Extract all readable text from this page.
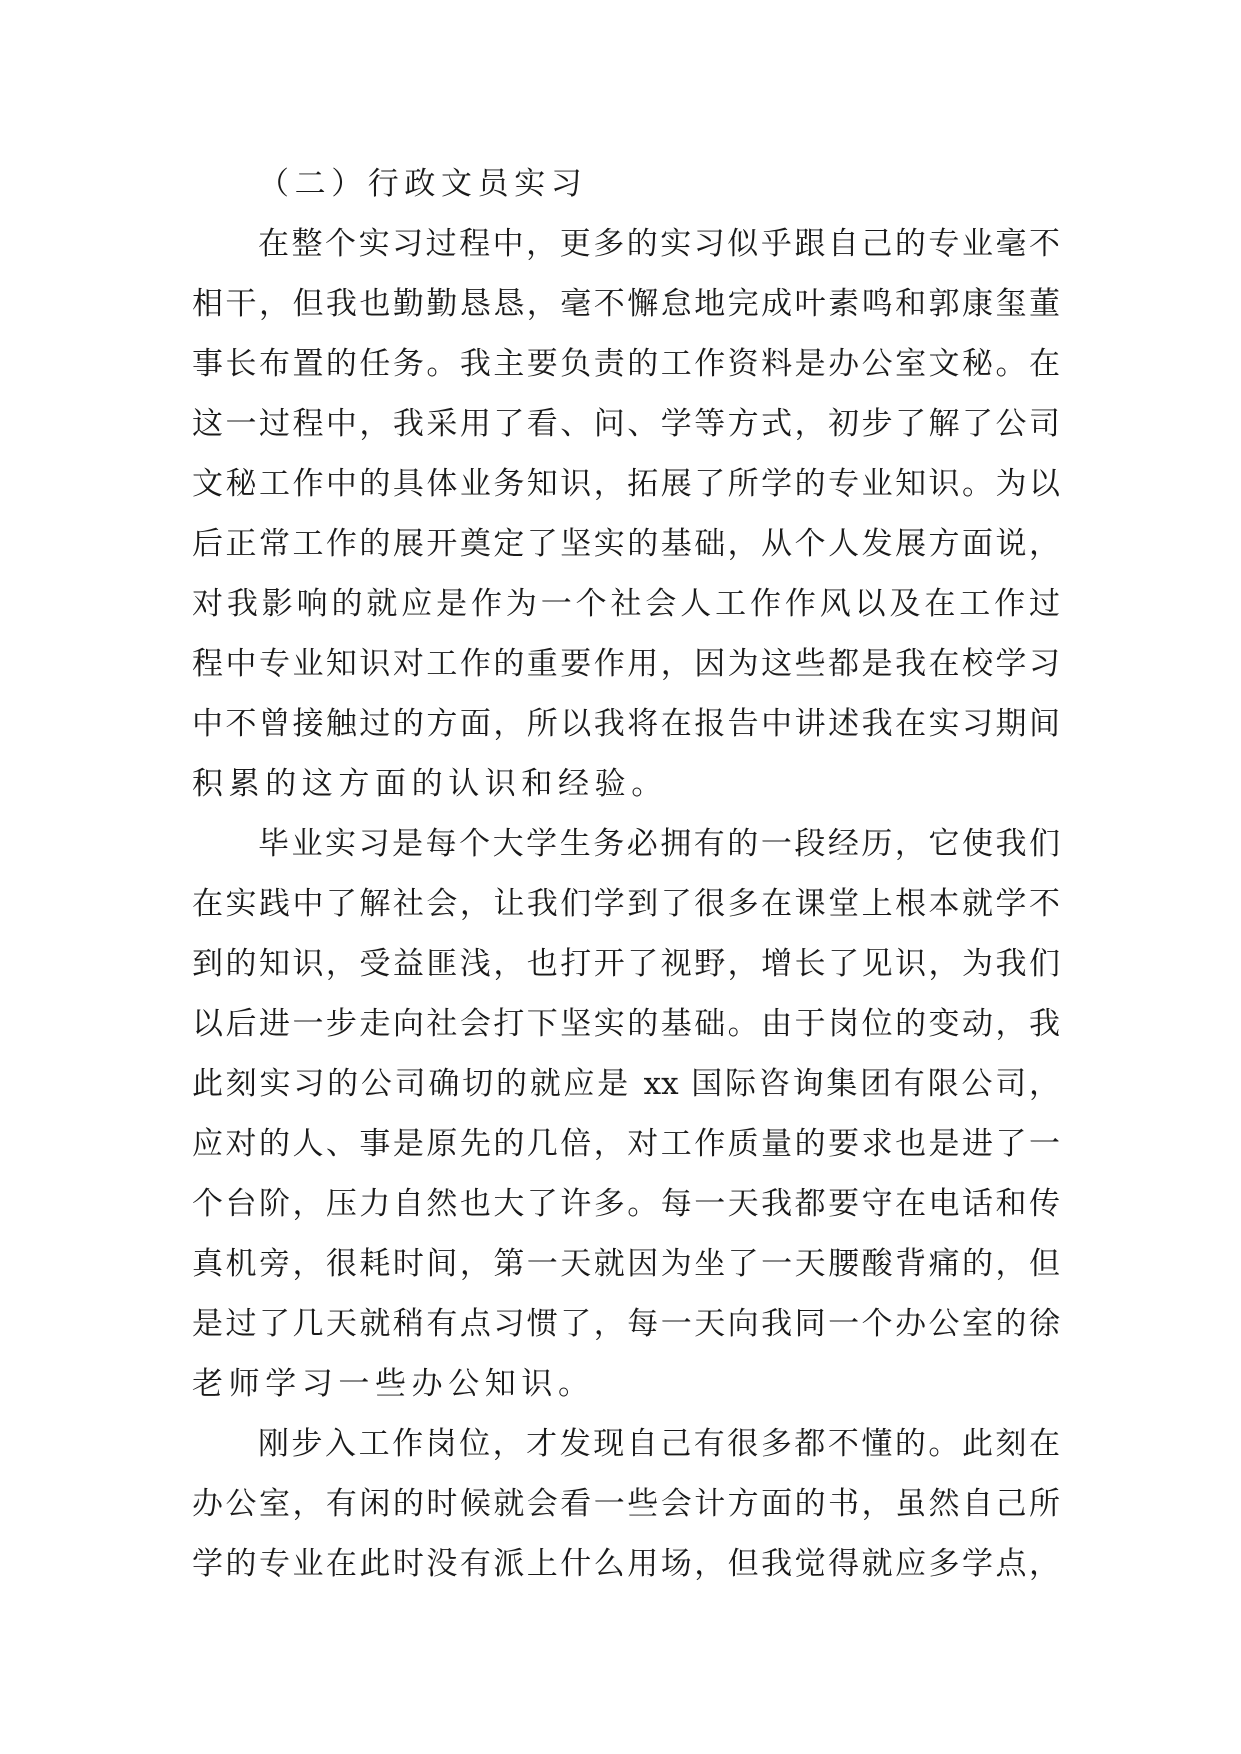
（二）行政文员实习
在整个实习过程中，更多的实习似乎跟自己的专业毫不
相干，但我也勤勤恳恳，毫不懈怠地完成叶素鸣和郭康玺董
事长布置的任务。我主要负责的工作资料是办公室文秘。在
这一过程中，我采用了看、问、学等方式，初步了解了公司
文秘工作中的具体业务知识，拓展了所学的专业知识。为以
后正常工作的展开奠定了坚实的基础，从个人发展方面说，
对我影响的就应是作为一个社会人工作作风以及在工作过
程中专业知识对工作的重要作用，因为这些都是我在校学习
中不曾接触过的方面，所以我将在报告中讲述我在实习期间
积累的这方面的认识和经验。
毕业实习是每个大学生务必拥有的一段经历，它使我们
在实践中了解社会，让我们学到了很多在课堂上根本就学不
到的知识，受益匪浅，也打开了视野，增长了见识，为我们
以后进一步走向社会打下坚实的基础。由于岗位的变动，我
此刻实习的公司确切的就应是 xx 国际咨询集团有限公司，
应对的人、事是原先的几倍，对工作质量的要求也是进了一
个台阶，压力自然也大了许多。每一天我都要守在电话和传
真机旁，很耗时间，第一天就因为坐了一天腰酸背痛的，但
是过了几天就稍有点习惯了，每一天向我同一个办公室的徐
老师学习一些办公知识。
刚步入工作岗位，才发现自己有很多都不懂的。此刻在
办公室，有闲的时候就会看一些会计方面的书，虽然自己所
学的专业在此时没有派上什么用场，但我觉得就应多学点，
